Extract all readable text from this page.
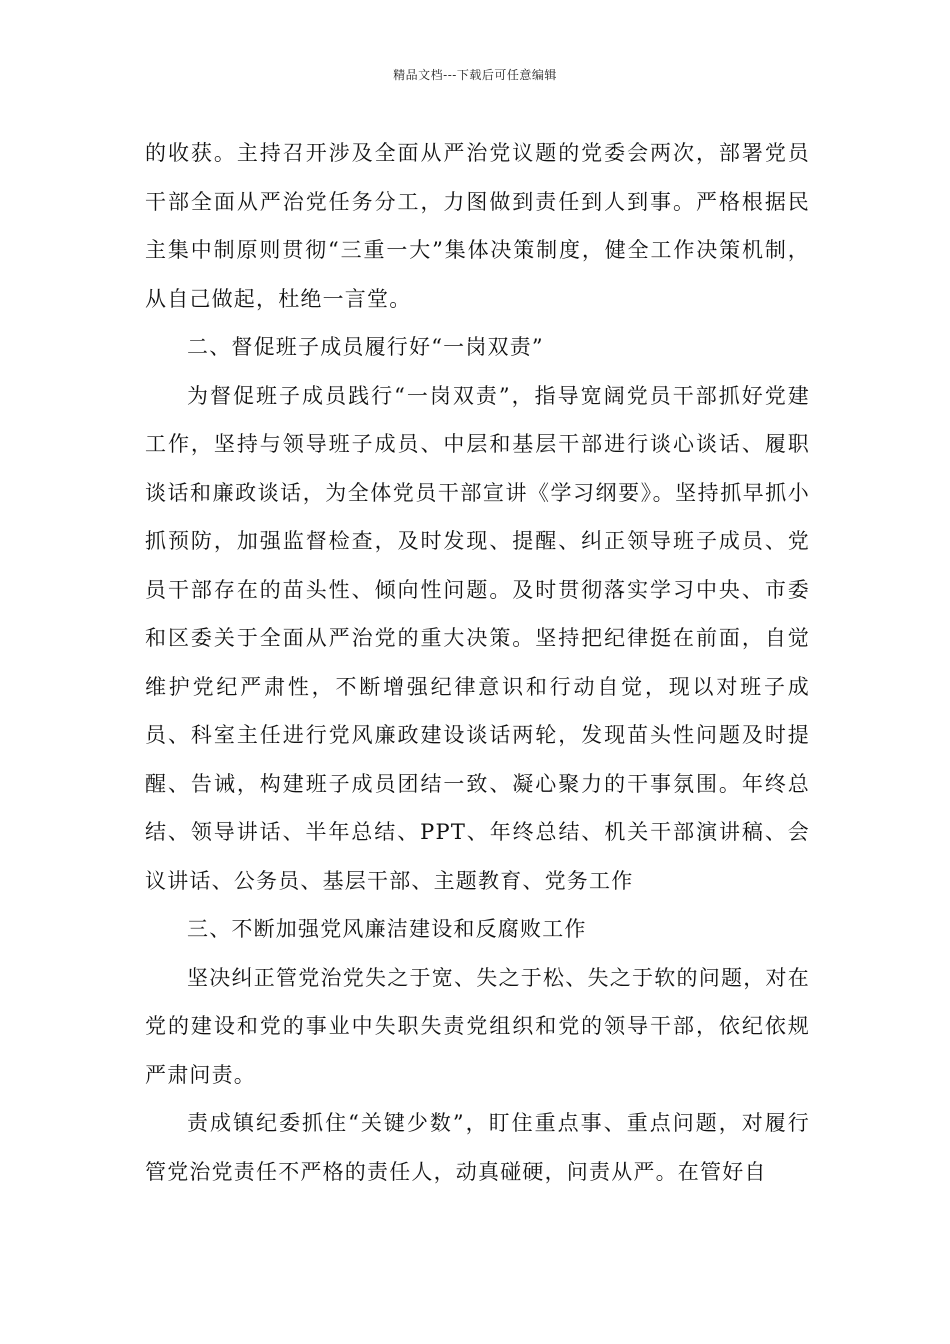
精品文档---下载后可任意编辑

的收获。主持召开涉及全面从严治党议题的党委会两次，部署党员干部全面从严治党任务分工，力图做到责任到人到事。严格根据民主集中制原则贯彻“三重一大”集体决策制度，健全工作决策机制，从自己做起，杜绝一言堂。

二、督促班子成员履行好“一岗双责”

为督促班子成员践行“一岗双责”，指导宽阔党员干部抓好党建工作，坚持与领导班子成员、中层和基层干部进行谈心谈话、履职谈话和廉政谈话，为全体党员干部宣讲《学习纲要》。坚持抓早抓小抓预防，加强监督检查，及时发现、提醒、纠正领导班子成员、党员干部存在的苗头性、倾向性问题。及时贯彻落实学习中央、市委和区委关于全面从严治党的重大决策。坚持把纪律挺在前面，自觉维护党纪严肃性，不断增强纪律意识和行动自觉，现以对班子成员、科室主任进行党风廉政建设谈话两轮，发现苗头性问题及时提醒、告诫，构建班子成员团结一致、凝心聚力的干事氛围。年终总结、领导讲话、半年总结、PPT、年终总结、机关干部演讲稿、会议讲话、公务员、基层干部、主题教育、党务工作

三、不断加强党风廉洁建设和反腐败工作

坚决纠正管党治党失之于宽、失之于松、失之于软的问题，对在党的建设和党的事业中失职失责党组织和党的领导干部，依纪依规严肃问责。

责成镇纪委抓住“关键少数”，盯住重点事、重点问题，对履行管党治党责任不严格的责任人，动真碰硬，问责从严。在管好自
